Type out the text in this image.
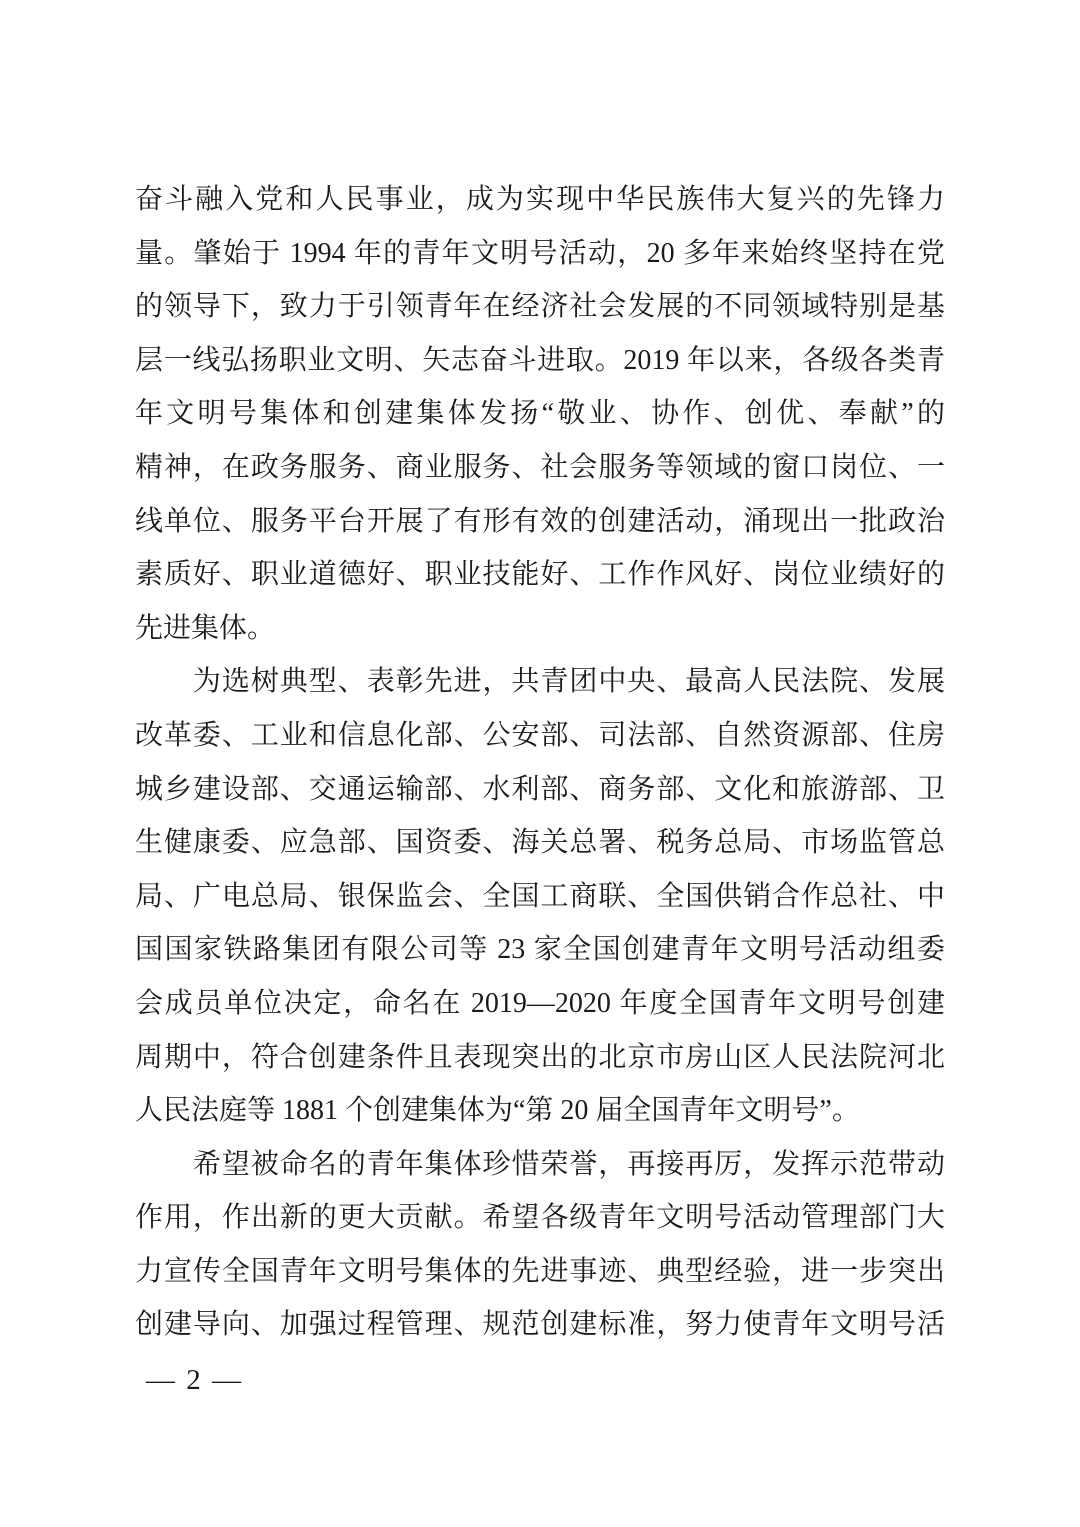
奋斗融入党和人民事业，成为实现中华民族伟大复兴的先锋力
量。肇始于 1994 年的青年文明号活动，20 多年来始终坚持在党
的领导下，致力于引领青年在经济社会发展的不同领域特别是基
层一线弘扬职业文明、矢志奋斗进取。2019 年以来，各级各类青
年文明号集体和创建集体发扬“敬业、协作、创优、奉献”的
精神，在政务服务、商业服务、社会服务等领域的窗口岗位、一
线单位、服务平台开展了有形有效的创建活动，涌现出一批政治
素质好、职业道德好、职业技能好、工作作风好、岗位业绩好的
先进集体。
　　为选树典型、表彰先进，共青团中央、最高人民法院、发展
改革委、工业和信息化部、公安部、司法部、自然资源部、住房
城乡建设部、交通运输部、水利部、商务部、文化和旅游部、卫
生健康委、应急部、国资委、海关总署、税务总局、市场监管总
局、广电总局、银保监会、全国工商联、全国供销合作总社、中
国国家铁路集团有限公司等 23 家全国创建青年文明号活动组委
会成员单位决定，命名在 2019—2020 年度全国青年文明号创建
周期中，符合创建条件且表现突出的北京市房山区人民法院河北
人民法庭等 1881 个创建集体为“第 20 届全国青年文明号”。
　　希望被命名的青年集体珍惜荣誉，再接再厉，发挥示范带动
作用，作出新的更大贡献。希望各级青年文明号活动管理部门大
力宣传全国青年文明号集体的先进事迹、典型经验，进一步突出
创建导向、加强过程管理、规范创建标准，努力使青年文明号活
— 2 —
